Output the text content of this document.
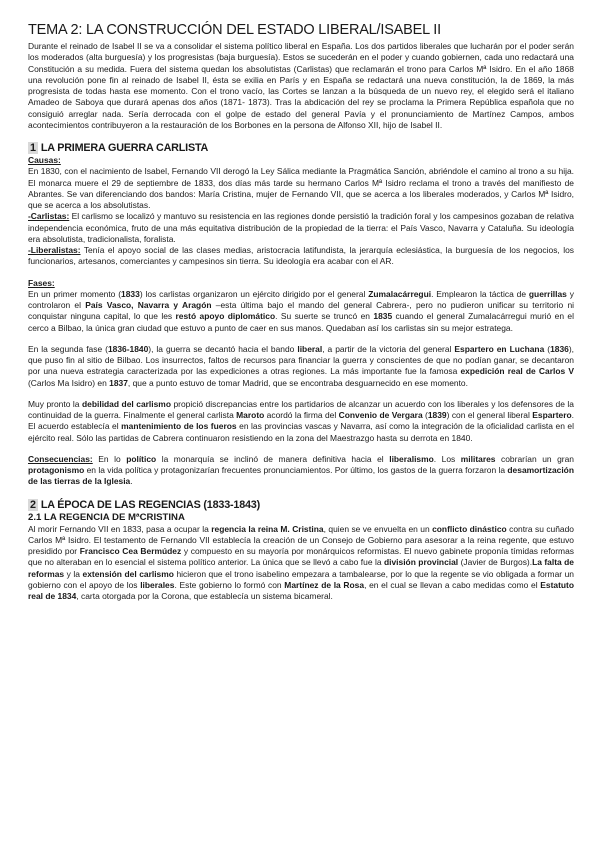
TEMA 2: LA CONSTRUCCIÓN DEL ESTADO LIBERAL/ISABEL II

Durante el reinado de Isabel II se va a consolidar el sistema político liberal en España. Los dos partidos liberales que lucharán por el poder serán los moderados (alta burguesía) y los progresistas (baja burguesía). Estos se sucederán en el poder y cuando gobiernen, cada uno redactará una Constitución a su medida. Fuera del sistema quedan los absolutistas (Carlistas) que reclamarán el trono para Carlos Mª Isidro. En el año 1868 una revolución pone fin al reinado de Isabel II, ésta se exilia en París y en España se redactará una nueva constitución, la de 1869, la más progresista de todas hasta ese momento. Con el trono vacío, las Cortes se lanzan a la búsqueda de un nuevo rey, el elegido será el italiano Amadeo de Saboya que durará apenas dos años (1871- 1873). Tras la abdicación del rey se proclama la Primera República española que no consiguió arreglar nada. Sería derrocada con el golpe de estado del general Pavía y el pronunciamiento de Martínez Campos, ambos acontecimientos contribuyeron a la restauración de los Borbones en la persona de Alfonso XII, hijo de Isabel II.

1 LA PRIMERA GUERRA CARLISTA

Causas:

En 1830, con el nacimiento de Isabel, Fernando VII derogó la Ley Sálica mediante la Pragmática Sanción, abriéndole el camino al trono a su hija. El monarca muere el 29 de septiembre de 1833, dos días más tarde su hermano Carlos Mª Isidro reclama el trono a través del manifiesto de Abrantes. Se van diferenciando dos bandos: María Cristina, mujer de Fernando VII, que se acerca a los liberales moderados, y Carlos Mª Isidro, que se acerca a los absolutistas.

-Carlistas: El carlismo se localizó y mantuvo su resistencia en las regiones donde persistió la tradición foral y los campesinos gozaban de relativa independencia económica, fruto de una más equitativa distribución de la propiedad de la tierra: el País Vasco, Navarra y Cataluña. Su ideología era absolutista, tradicionalista, foralista.

-Liberalistas: Tenía el apoyo social de las clases medias, aristocracia latifundista, la jerarquía eclesiástica, la burguesía de los negocios, los funcionarios, artesanos, comerciantes y campesinos sin tierra. Su ideología era acabar con el AR.

Fases:

En un primer momento (1833) los carlistas organizaron un ejército dirigido por el general Zumalacárregui. Emplearon la táctica de guerrillas y controlaron el País Vasco, Navarra y Aragón –esta última bajo el mando del general Cabrera-, pero no pudieron unificar su territorio ni conquistar ninguna capital, lo que les restó apoyo diplomático. Su suerte se truncó en 1835 cuando el general Zumalacárregui murió en el cerco a Bilbao, la única gran ciudad que estuvo a punto de caer en sus manos. Quedaban así los carlistas sin su mejor estratega.

En la segunda fase (1836-1840), la guerra se decantó hacia el bando liberal, a partir de la victoria del general Espartero en Luchana (1836), que puso fin al sitio de Bilbao. Los insurrectos, faltos de recursos para financiar la guerra y conscientes de que no podían ganar, se decantaron por una nueva estrategia caracterizada por las expediciones a otras regiones. La más importante fue la famosa expedición real de Carlos V (Carlos Ma Isidro) en 1837, que a punto estuvo de tomar Madrid, que se encontraba desguarnecido en ese momento.

Muy pronto la debilidad del carlismo propició discrepancias entre los partidarios de alcanzar un acuerdo con los liberales y los defensores de la continuidad de la guerra. Finalmente el general carlista Maroto acordó la firma del Convenio de Vergara (1839) con el general liberal Espartero. El acuerdo establecía el mantenimiento de los fueros en las provincias vascas y Navarra, así como la integración de la oficialidad carlista en el ejército real. Sólo las partidas de Cabrera continuaron resistiendo en la zona del Maestrazgo hasta su derrota en 1840.

Consecuencias: En lo político la monarquía se inclinó de manera definitiva hacia el liberalismo. Los militares cobrarían un gran protagonismo en la vida política y protagonizarían frecuentes pronunciamientos. Por último, los gastos de la guerra forzaron la desamortización de las tierras de la Iglesia.

2 LA ÉPOCA DE LAS REGENCIAS (1833-1843)
2.1 LA REGENCIA DE MªCRISTINA

Al morir Fernando VII en 1833, pasa a ocupar la regencia la reina M. Cristina, quien se ve envuelta en un conflicto dinástico contra su cuñado Carlos Mª Isidro. El testamento de Fernando VII establecía la creación de un Consejo de Gobierno para asesorar a la reina regente, que estuvo presidido por Francisco Cea Bermúdez y compuesto en su mayoría por monárquicos reformistas. El nuevo gabinete proponía tímidas reformas que no alteraban en lo esencial el sistema político anterior. La única que se llevó a cabo fue la división provincial (Javier de Burgos).La falta de reformas y la extensión del carlismo hicieron que el trono isabelino empezara a tambalearse, por lo que la regente se vio obligada a formar un gobierno con el apoyo de los liberales. Este gobierno lo formó con Martínez de la Rosa, en el cual se llevan a cabo medidas como el Estatuto real de 1834, carta otorgada por la Corona, que establecía un sistema bicameral.
